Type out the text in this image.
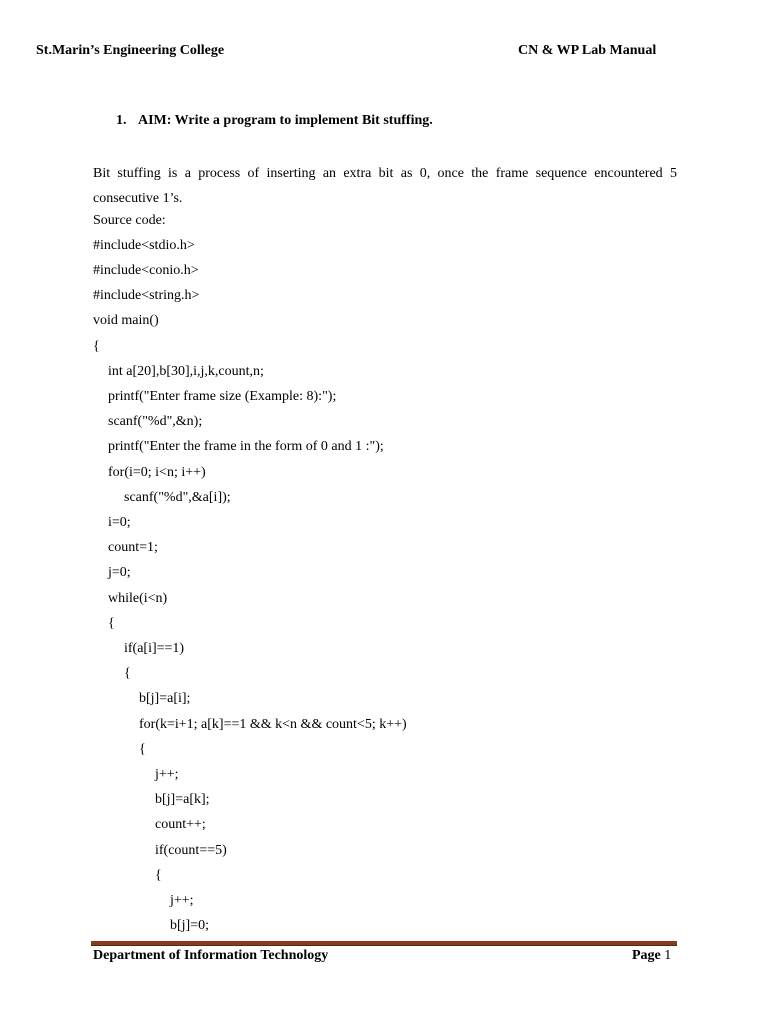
St.Marin’s Engineering College	CN & WP Lab Manual
1. AIM: Write a program to implement Bit stuffing.
Bit stuffing is a process of inserting an extra bit as 0, once the frame sequence encountered 5 consecutive 1’s.
Source code:
#include<stdio.h>
#include<conio.h>
#include<string.h>
void main()
{
int a[20],b[30],i,j,k,count,n;
printf("Enter frame size (Example: 8):");
scanf("%d",&n);
printf("Enter the frame in the form of 0 and 1 :");
for(i=0; i<n; i++)
scanf("%d",&a[i]);
i=0;
count=1;
j=0;
while(i<n)
{
if(a[i]==1)
{
b[j]=a[i];
for(k=i+1; a[k]==1 && k<n && count<5; k++)
{
j++;
b[j]=a[k];
count++;
if(count==5)
{
j++;
b[j]=0;
Department of Information Technology	Page 1
